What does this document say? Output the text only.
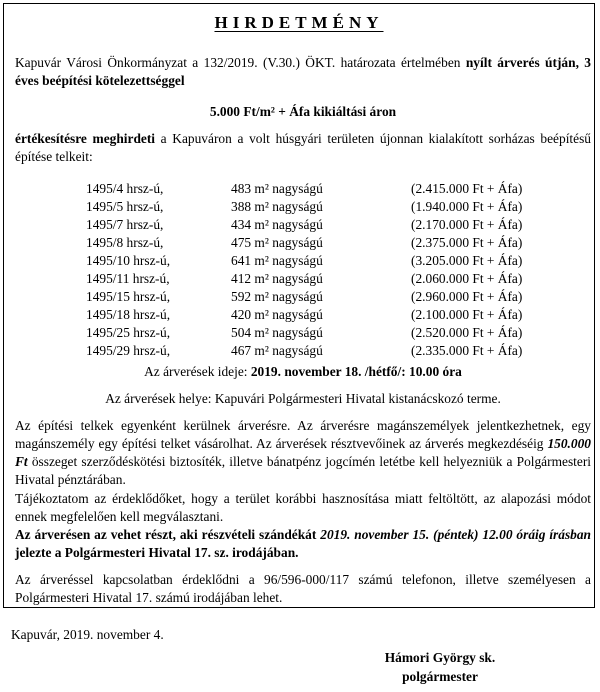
HIRDETMÉNY
Kapuvár Városi Önkormányzat a 132/2019. (V.30.) ÖKT. határozata értelmében nyílt árverés útján, 3 éves beépítési kötelezettséggel
5.000 Ft/m² + Áfa kikiáltási áron
értékesítésre meghirdeti a Kapuváron a volt húsgyári területen újonnan kialakított sorházas beépítésű építése telkeit:
1495/4 hrsz-ú,	483 m² nagyságú	(2.415.000 Ft + Áfa)
1495/5 hrsz-ú,	388 m² nagyságú	(1.940.000 Ft + Áfa)
1495/7 hrsz-ú,	434 m² nagyságú	(2.170.000 Ft + Áfa)
1495/8 hrsz-ú,	475 m² nagyságú	(2.375.000 Ft + Áfa)
1495/10 hrsz-ú,	641 m² nagyságú	(3.205.000 Ft + Áfa)
1495/11 hrsz-ú,	412 m² nagyságú	(2.060.000 Ft + Áfa)
1495/15 hrsz-ú,	592 m² nagyságú	(2.960.000 Ft + Áfa)
1495/18 hrsz-ú,	420 m² nagyságú	(2.100.000 Ft + Áfa)
1495/25 hrsz-ú,	504 m² nagyságú	(2.520.000 Ft + Áfa)
1495/29 hrsz-ú,	467 m² nagyságú	(2.335.000 Ft + Áfa)
Az árverések ideje: 2019. november 18. /hétfő/: 10.00 óra
Az árverések helye: Kapuvári Polgármesteri Hivatal kistanácskozó terme.
Az építési telkek egyenként kerülnek árverésre. Az árverésre magánszemélyek jelentkezhetnek, egy magánszemély egy építési telket vásárolhat. Az árverések résztvevőinek az árverés megkezdéséig 150.000 Ft összeget szerződéskötési biztosíték, illetve bánatpénz jogcímén letétbe kell helyezniük a Polgármesteri Hivatal pénztárában.
Tájékoztatom az érdeklődőket, hogy a terület korábbi hasznosítása miatt feltöltött, az alapozási módot ennek megfelelően kell megválasztani.
Az árverésen az vehet részt, aki részvételi szándékát 2019. november 15. (péntek) 12.00 óráig írásban jelezte a Polgármesteri Hivatal 17. sz. irodájában.
Az árveréssel kapcsolatban érdeklődni a 96/596-000/117 számú telefonon, illetve személyesen a Polgármesteri Hivatal 17. számú irodájában lehet.
Kapuvár, 2019. november 4.
Hámori György sk.
polgármester
